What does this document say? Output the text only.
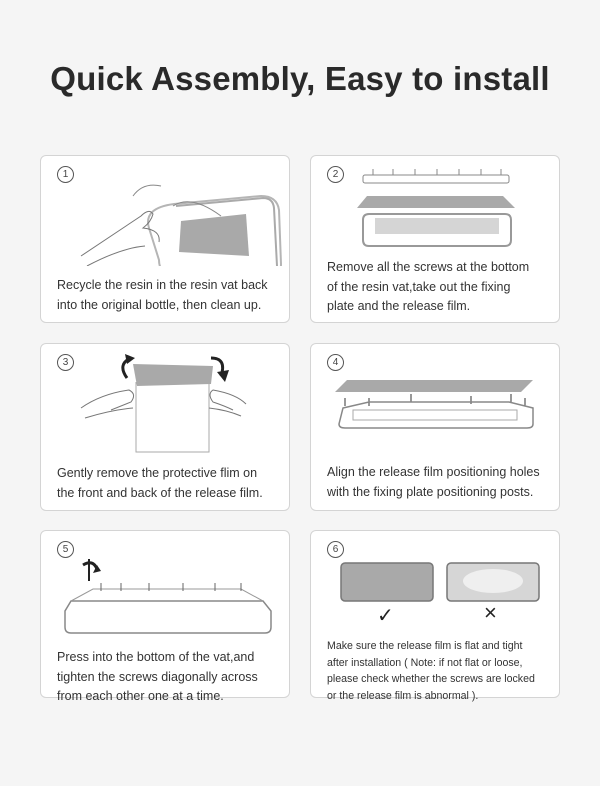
Quick Assembly, Easy to install
1
Recycle the resin in the resin vat back
into the original bottle, then clean up.
2
Remove all the screws at the bottom
of the resin vat,take out the fixing
plate and the release film.
3
Gently remove the protective flim on
the front and back of the release film.
4
Align the release film positioning holes
with the fixing plate positioning posts.
5
Press into the bottom of the vat,and
tighten the screws diagonally across
from each other one at a time.
6
✓	×
Make sure the release film is flat and tight
after installation ( Note: if not flat or loose,
please check whether the screws are locked
or the release film is abnormal ).
